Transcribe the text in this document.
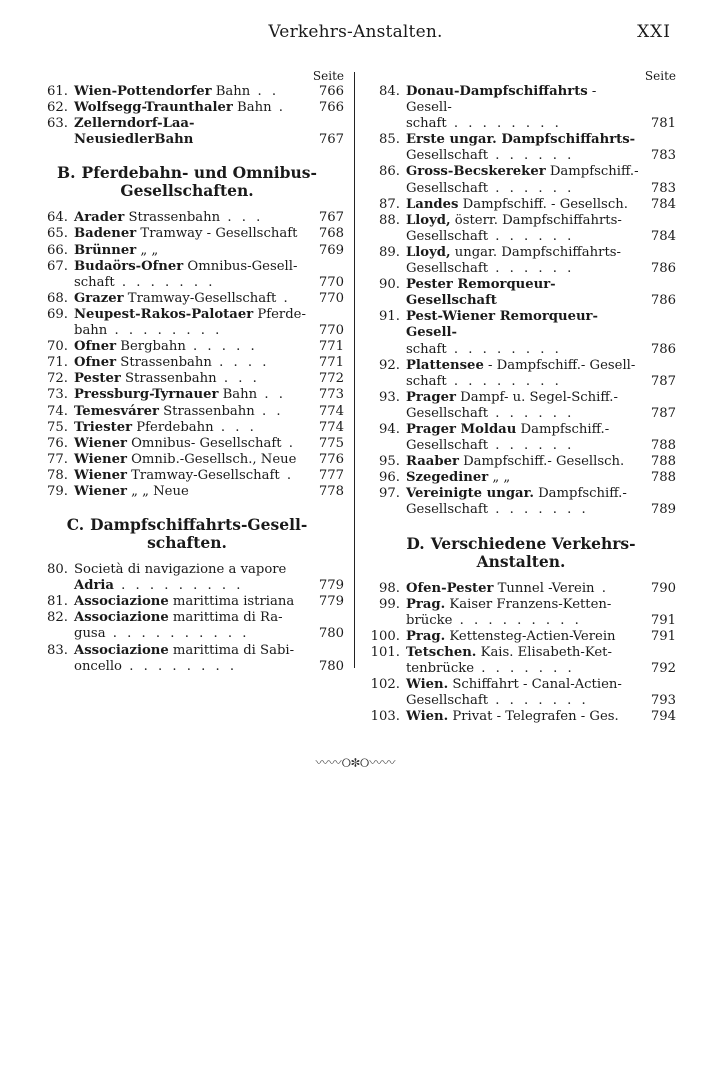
Verkehrs-Anstalten.	XXI
Seite
61. Wien-Pottendorfer Bahn . .	766
62. Wolfsegg-Traunthaler Bahn .	766
63. Zellerndorf-Laa-NeusiedlerBahn	767
B. Pferdebahn- und Omnibus-
Gesellschaften.
64. Arader Strassenbahn . . .	767
65. Badener Tramway - Gesellschaft	768
66. Brünner „ „	769
67. Budaörs-Ofner Omnibus-Gesell-
schaft . . . . . . .	770
68. Grazer Tramway-Gesellschaft .	770
69. Neupest-Rakos-Palotaer Pferde-
bahn . . . . . . . .	770
70. Ofner Bergbahn . . . . .	771
71. Ofner Strassenbahn . . . .	771
72. Pester Strassenbahn . . .	772
73. Pressburg-Tyrnauer Bahn . .	773
74. Temesvárer Strassenbahn . .	774
75. Triester Pferdebahn . . .	774
76. Wiener Omnibus- Gesellschaft .	775
77. Wiener Omnib.-Gesellsch., Neue	776
78. Wiener Tramway-Gesellschaft .	777
79. Wiener „ „ Neue	778
C. Dampfschiffahrts-Gesell-
schaften.
80. Società di navigazione a vapore
Adria . . . . . . . . .	779
81. Associazione marittima istriana	779
82. Associazione marittima di Ra-
gusa . . . . . . . . . .	780
83. Associazione marittima di Sabi-
oncello . . . . . . . .	780
Seite
84. Donau-Dampfschiffahrts - Gesell-
schaft . . . . . . . .	781
85. Erste ungar. Dampfschiffahrts-
Gesellschaft . . . . . .	783
86. Gross-Becskereker Dampfschiff.-
Gesellschaft . . . . . .	783
87. Landes Dampfschiff. - Gesellsch.	784
88. Lloyd, österr. Dampfschiffahrts-
Gesellschaft . . . . . .	784
89. Lloyd, ungar. Dampfschiffahrts-
Gesellschaft . . . . . .	786
90. Pester Remorqueur-Gesellschaft	786
91. Pest-Wiener Remorqueur-Gesell-
schaft . . . . . . . .	786
92. Plattensee - Dampfschiff.- Gesell-
schaft . . . . . . . .	787
93. Prager Dampf- u. Segel-Schiff.-
Gesellschaft . . . . . .	787
94. Prager Moldau Dampfschiff.-
Gesellschaft . . . . . .	788
95. Raaber Dampfschiff.- Gesellsch.	788
96. Szegediner „ „	788
97. Vereinigte ungar. Dampfschiff.-
Gesellschaft . . . . . . .	789
D. Verschiedene Verkehrs-
Anstalten.
98. Ofen-Pester Tunnel -Verein .	790
99. Prag. Kaiser Franzens-Ketten-
brücke . . . . . . . . .	791
100. Prag. Kettensteg-Actien-Verein	791
101. Tetschen. Kais. Elisabeth-Ket-
tenbrücke . . . . . . .	792
102. Wien. Schiffahrt - Canal-Actien-
Gesellschaft . . . . . . .	793
103. Wien. Privat - Telegrafen - Ges.	794
〰〰୦✽୦〰〰
